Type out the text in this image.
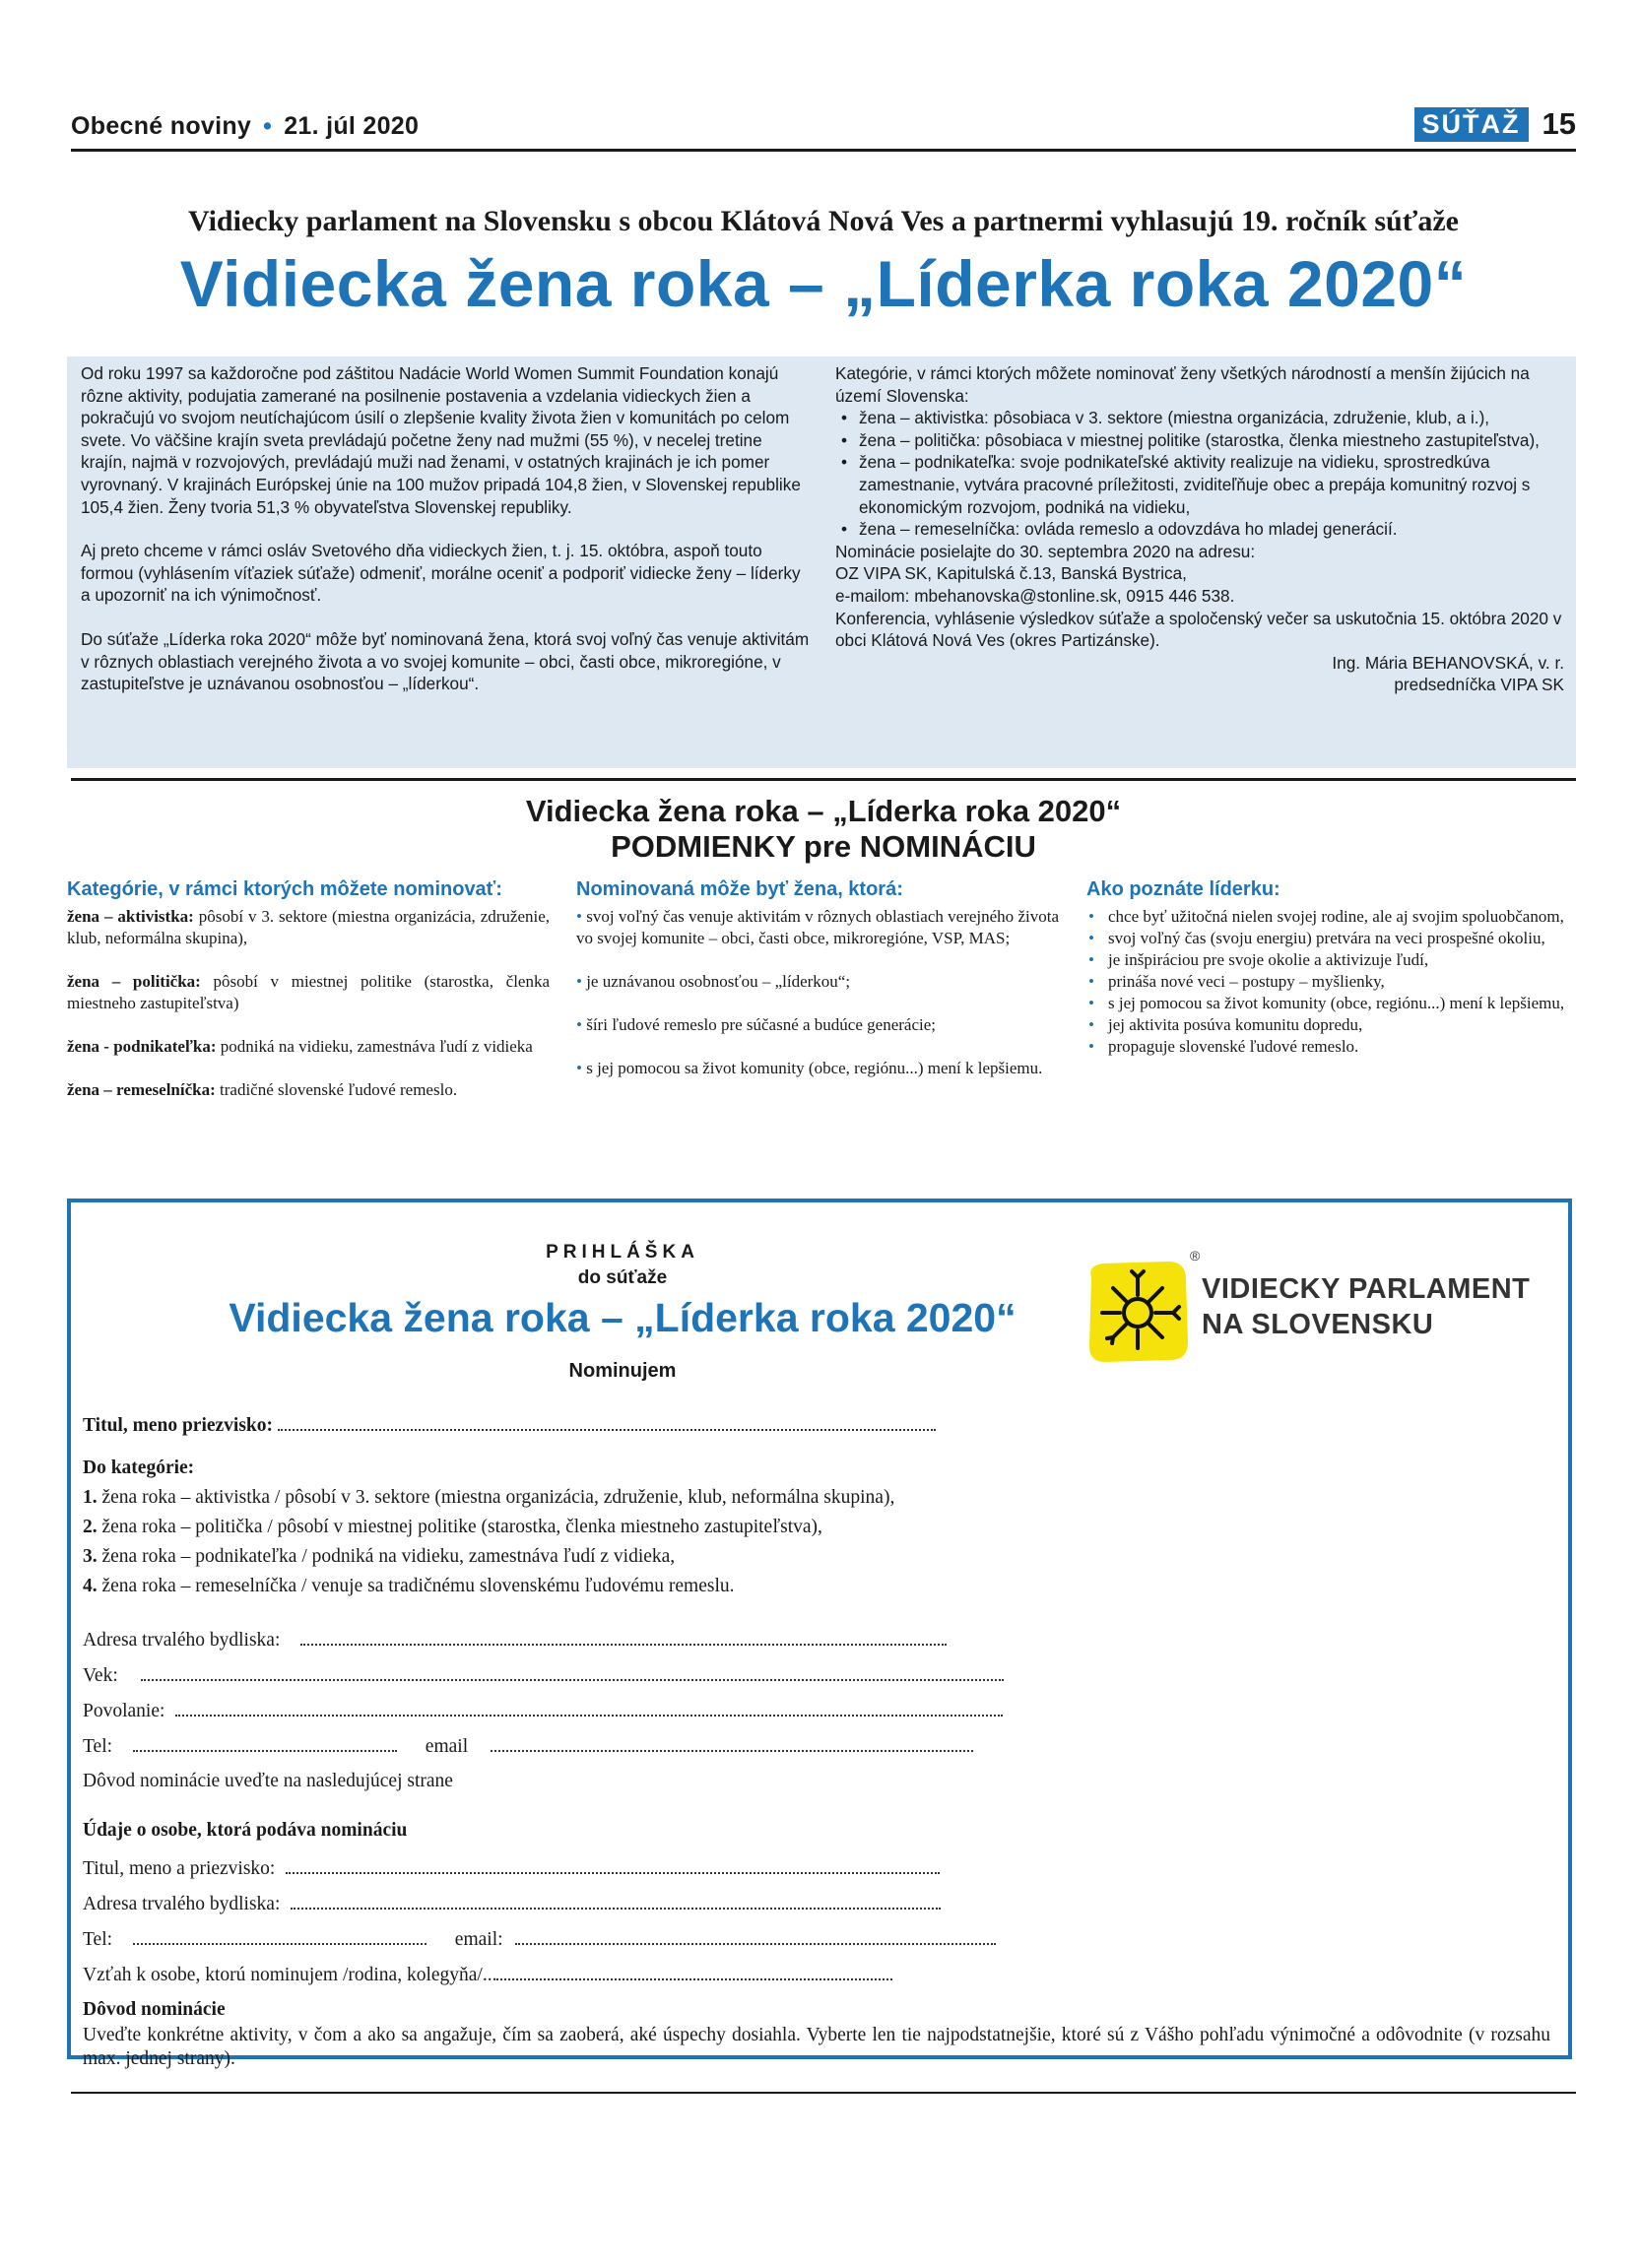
Obecné noviny • 21. júl 2020	SÚŤAŽ 15
Vidiecky parlament na Slovensku s obcou Klátová Nová Ves a partnermi vyhlasujú 19. ročník súťaže
Vidiecka žena roka – „Líderka roka 2020“

Od roku 1997 sa každoročne pod záštitou Nadácie World Women Summit Foundation konajú rôzne aktivity, podujatia zamerané na posilnenie postavenia a vzdelania vidieckych žien a pokračujú vo svojom neutíchajúcom úsilí o zlepšenie kvality života žien v komunitách po celom svete. Vo väčšine krajín sveta prevládajú početne ženy nad mužmi (55 %), v necelej tretine krajín, najmä v rozvojových, prevládajú muži nad ženami, v ostatných krajinách je ich pomer vyrovnaný. V krajinách Európskej únie na 100 mužov pripadá 104,8 žien, v Slovenskej republike 105,4 žien. Ženy tvoria 51,3 % obyvateľstva Slovenskej republiky.

Aj preto chceme v rámci osláv Svetového dňa vidieckych žien, t. j. 15. októbra, aspoň touto formou (vyhlásením víťaziek súťaže) odmeniť, morálne oceniť a podporiť vidiecke ženy – líderky a upozorniť na ich výnimočnosť.

Do súťaže „Líderka roka 2020“ môže byť nominovaná žena, ktorá svoj voľný čas venuje aktivitám v rôznych oblastiach verejného života a vo svojej komunite – obci, časti obce, mikroregióne, v zastupiteľstve je uznávanou osobnosťou – „líderkou“.

Kategórie, v rámci ktorých môžete nominovať ženy všetkých národností a menšín žijúcich na území Slovenska:
• žena – aktivistka: pôsobiaca v 3. sektore (miestna organizácia, združenie, klub, a i.),
• žena – politička: pôsobiaca v miestnej politike (starostka, členka miestneho zastupiteľstva),
• žena – podnikateľka: svoje podnikateľské aktivity realizuje na vidieku, sprostredkúva zamestnanie, vytvára pracovné príležitosti, zviditeľňuje obec a prepája komunitný rozvoj s ekonomickým rozvojom, podniká na vidieku,
• žena – remeselníčka: ovláda remeslo a odovzdáva ho mladej generácií.
Nominácie posielajte do 30. septembra 2020 na adresu:
OZ VIPA SK, Kapitulská č.13, Banská Bystrica,
e-mailom: mbehanovska@stonline.sk, 0915 446 538.
Konferencia, vyhlásenie výsledkov súťaže a spoločenský večer sa uskutočnia 15. októbra 2020 v obci Klátová Nová Ves (okres Partizánske).
Ing. Mária BEHANOVSKÁ, v. r.
predsedníčka VIPA SK
Vidiecka žena roka – „Líderka roka 2020“
PODMIENKY pre NOMINÁCIU
Kategórie, v rámci ktorých môžete nominovať:

žena – aktivistka: pôsobí v 3. sektore (miestna organizácia, združenie, klub, neformálna skupina),

žena – politička: pôsobí v miestnej politike (starostka, členka miestneho zastupiteľstva)

žena - podnikateľka: podniká na vidieku, zamestnáva ľudí z vidieka

žena – remeselníčka: tradičné slovenské ľudové remeslo.

Nominovaná môže byť žena, ktorá:

• svoj voľný čas venuje aktivitám v rôznych oblastiach verejného života vo svojej komunite – obci, časti obce, mikroregióne, VSP, MAS;

• je uznávanou osobnosťou – „líderkou“;

• šíri ľudové remeslo pre súčasné a budúce generácie;

• s jej pomocou sa život komunity (obce, regiónu...) mení k lepšiemu.

Ako poznáte líderku:
• chce byť užitočná nielen svojej rodine, ale aj svojim spoluobčanom,
• svoj voľný čas (svoju energiu) pretvára na veci prospešné okoliu,
• je inšpiráciou pre svoje okolie a aktivizuje ľudí,
• prináša nové veci – postupy – myšlienky,
• s jej pomocou sa život komunity (obce, regiónu...) mení k lepšiemu,
• jej aktivita posúva komunitu dopredu,
• propaguje slovenské ľudové remeslo.
PRIHLÁŠKA
do súťaže
Vidiecka žena roka – „Líderka roka 2020“
Nominujem
®
VIDIECKY PARLAMENT
NA SLOVENSKU
Titul, meno priezvisko:
Do kategórie:
1. žena roka – aktivistka / pôsobí v 3. sektore (miestna organizácia, združenie, klub, neformálna skupina),
2. žena roka – politička / pôsobí v miestnej politike (starostka, členka miestneho zastupiteľstva),
3. žena roka – podnikateľka / podniká na vidieku, zamestnáva ľudí z vidieka,
4. žena roka – remeselníčka / venuje sa tradičnému slovenskému ľudovému remeslu.
Adresa trvalého bydliska:
Vek:
Povolanie:
Tel:	email
Dôvod nominácie uveďte na nasledujúcej strane
Údaje o osobe, ktorá podáva nomináciu
Titul, meno a priezvisko:
Adresa trvalého bydliska:
Tel:	email:
Vzťah k osobe, ktorú nominujem /rodina, kolegyňa/...
Dôvod nominácie
Uveďte konkrétne aktivity, v čom a ako sa angažuje, čím sa zaoberá, aké úspechy dosiahla. Vyberte len tie najpodstatnejšie, ktoré sú z Vášho pohľadu výnimočné a odôvodnite (v rozsahu max. jednej strany).
